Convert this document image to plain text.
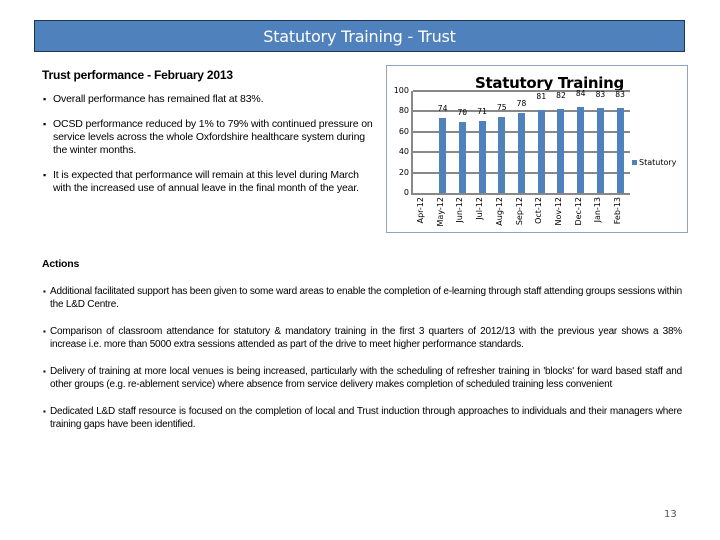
Statutory Training - Trust
Trust performance - February 2013
▪ Overall performance has remained flat at 83%.
▪ OCSD performance reduced by 1% to 79% with continued pressure on service levels across the whole Oxfordshire healthcare system during the winter months.
▪ It is expected that performance will remain at this level during March with the increased use of annual leave in the final month of the year.
Statutory Training
0
20
40
60
80
100
74	70	71	75	78
81	82	84	83	83
Apr-12 May-12 Jun-12 Jul-12 Aug-12 Sep-12 Oct-12 Nov-12 Dec-12 Jan-13 Feb-13
Statutory
Actions
▪ Additional facilitated support has been given to some ward areas to enable the completion of e-learning through staff attending groups sessions within the L&D Centre.
▪ Comparison of classroom attendance for statutory & mandatory training in the first 3 quarters of 2012/13 with the previous year shows a 38% increase i.e. more than 5000 extra sessions attended as part of the drive to meet higher performance standards.
▪ Delivery of training at more local venues is being increased, particularly with the scheduling of refresher training in 'blocks' for ward based staff and other groups (e.g. re-ablement service) where absence from service delivery makes completion of scheduled training less convenient
▪ Dedicated L&D staff resource is focused on the completion of local and Trust induction through approaches to individuals and their managers where training gaps have been identified.
13
